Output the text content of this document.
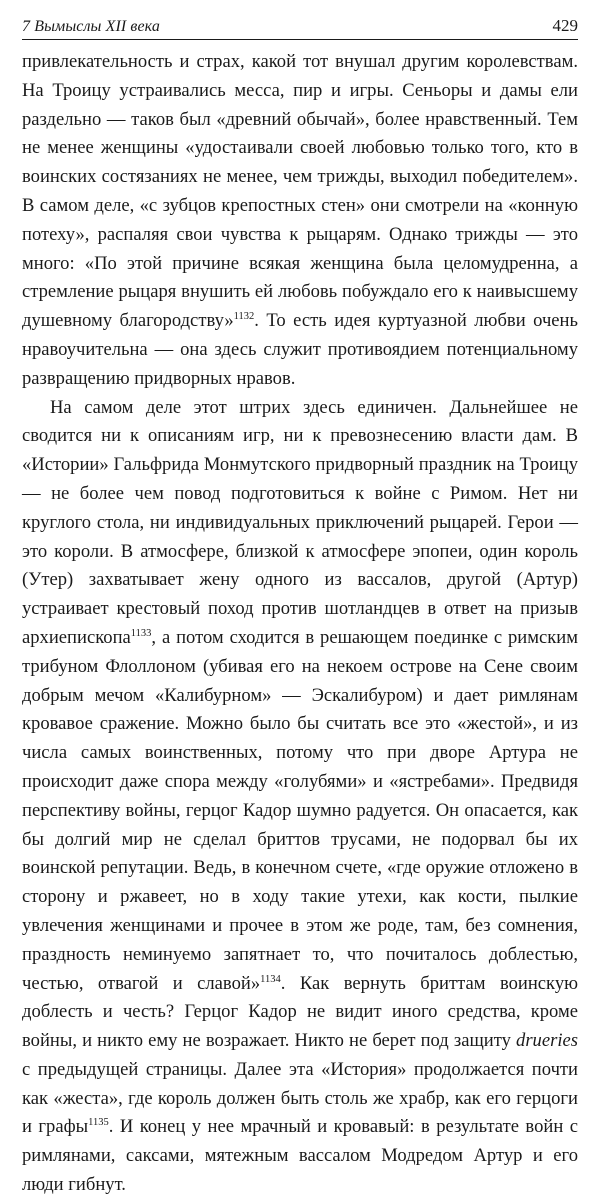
7 Вымыслы XII века	429

привлекательность и страх, какой тот внушал другим королевствам. На Троицу устраивались месса, пир и игры. Сеньоры и дамы ели раздельно — таков был «древний обычай», более нравственный. Тем не менее женщины «удостаивали своей любовью только того, кто в воинских состязаниях не менее, чем трижды, выходил победителем». В самом деле, «с зубцов крепостных стен» они смотрели на «конную потеху», распаляя свои чувства к рыцарям. Однако трижды — это много: «По этой причине всякая женщина была целомудренна, а стремление рыцаря внушить ей любовь побуждало его к наивысшему душевному благородству»$^{1132}$. То есть идея куртуазной любви очень нравоучительна — она здесь служит противоядием потенциальному развращению придворных нравов.

На самом деле этот штрих здесь единичен. Дальнейшее не сводится ни к описаниям игр, ни к превознесению власти дам. В «Истории» Гальфрида Монмутского придворный праздник на Троицу — не более чем повод подготовиться к войне с Римом. Нет ни круглого стола, ни индивидуальных приключений рыцарей. Герои — это короли. В атмосфере, близкой к атмосфере эпопеи, один король (Утер) захватывает жену одного из вассалов, другой (Артур) устраивает крестовый поход против шотландцев в ответ на призыв архиепископа$^{1133}$, а потом сходится в решающем поединке с римским трибуном Флоллоном (убивая его на некоем острове на Сене своим добрым мечом «Калибурном» — Эскалибуром) и дает римлянам кровавое сражение. Можно было бы считать все это «жестой», и из числа самых воинственных, потому что при дворе Артура не происходит даже спора между «голубями» и «ястребами». Предвидя перспективу войны, герцог Кадор шумно радуется. Он опасается, как бы долгий мир не сделал бриттов трусами, не подорвал бы их воинской репутации. Ведь, в конечном счете, «где оружие отложено в сторону и ржавеет, но в ходу такие утехи, как кости, пылкие увлечения женщинами и прочее в этом же роде, там, без сомнения, праздность неминуемо запятнает то, что почиталось доблестью, честью, отвагой и славой»$^{1134}$. Как вернуть бриттам воинскую доблесть и честь? Герцог Кадор не видит иного средства, кроме войны, и никто ему не возражает. Никто не берет под защиту drueries с предыдущей страницы. Далее эта «История» продолжается почти как «жеста», где король должен быть столь же храбр, как его герцоги и графы$^{1135}$. И конец у нее мрачный и кровавый: в результате войн с римлянами, саксами, мятежным вассалом Модредом Артур и его люди гибнут.
